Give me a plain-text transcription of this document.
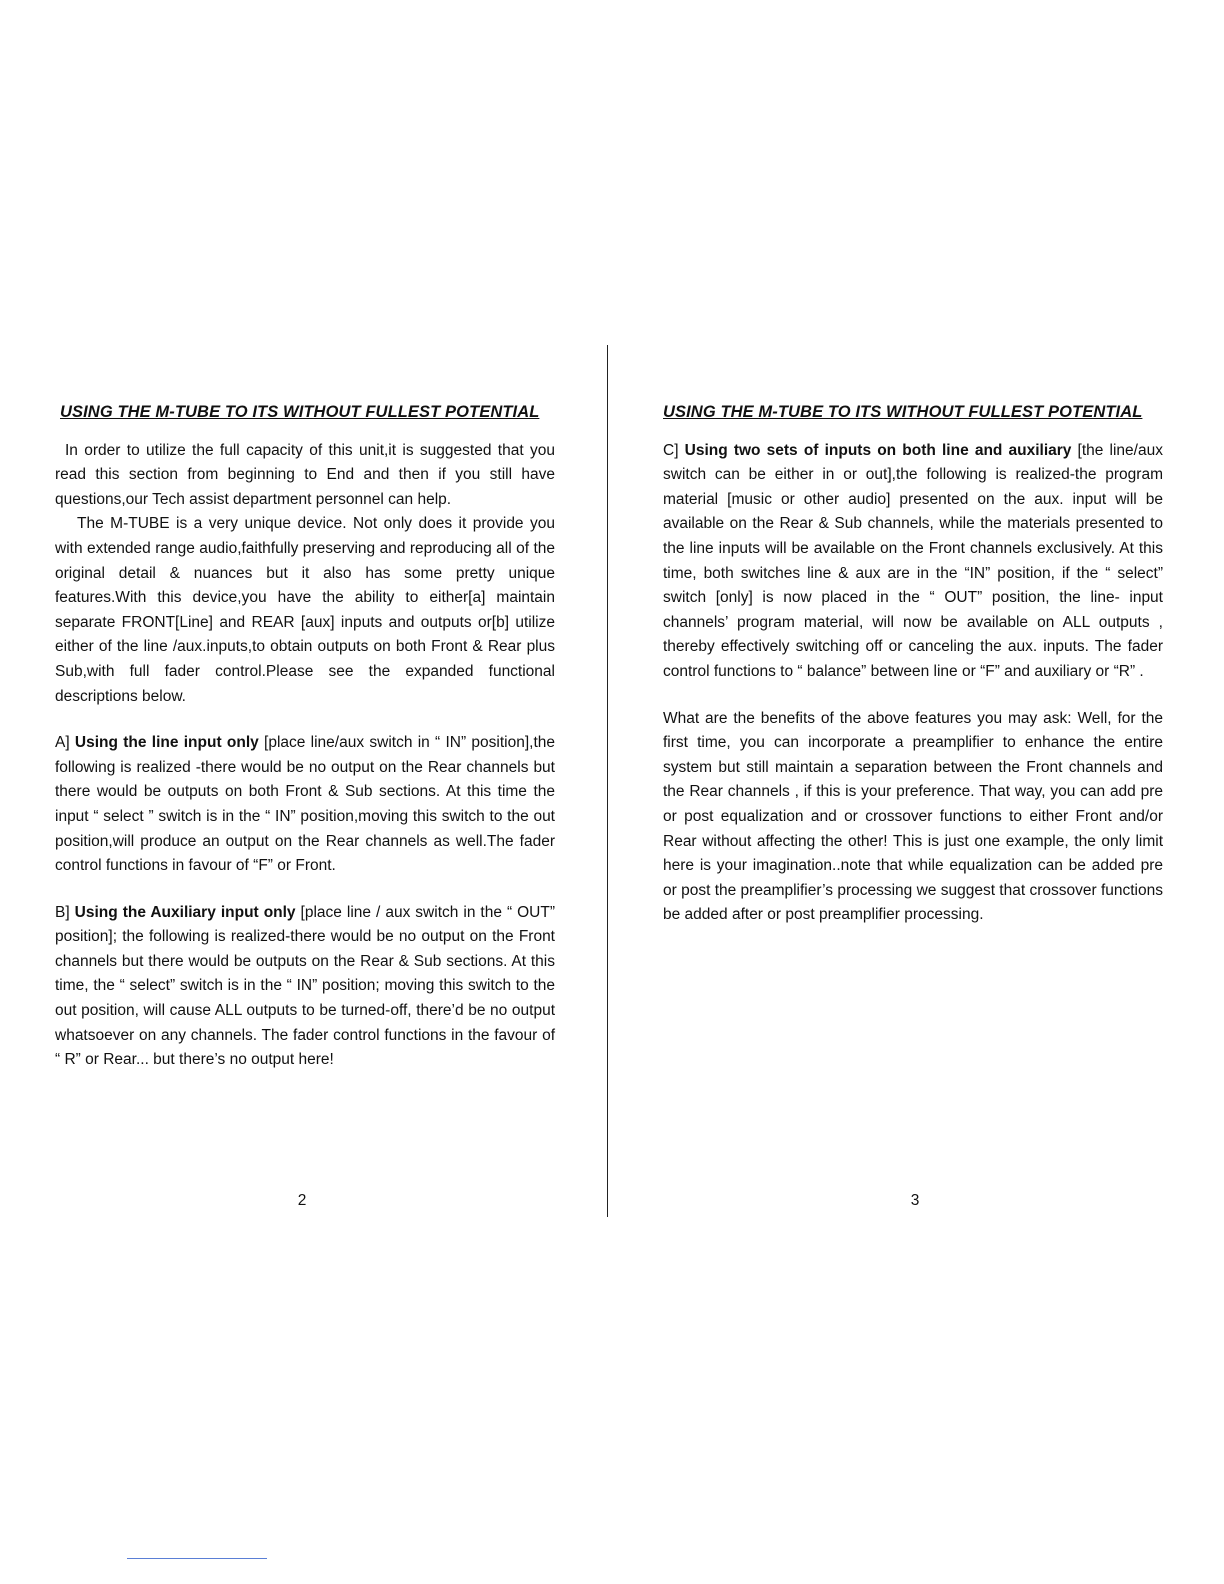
USING THE M-TUBE TO ITS WITHOUT FULLEST POTENTIAL

In order to utilize the full capacity of this unit,it is suggested that you read this section from beginning to End and then if you still have questions,our Tech assist department personnel can help.

The M-TUBE is a very unique device. Not only does it provide you with extended range audio,faithfully preserving and reproducing all of the original detail & nuances but it also has some pretty unique features.With this device,you have the ability to either[a] maintain separate FRONT[Line] and REAR [aux] inputs and outputs or[b] utilize either of the line /aux.inputs,to obtain outputs on both Front & Rear plus Sub,with full fader control.Please see the expanded functional descriptions below.

A] Using the line input only [place line/aux switch in “ IN” position],the following is realized -there would be no output on the Rear channels but there would be outputs on both Front & Sub sections. At this time the input “ select ” switch is in the “ IN” position,moving this switch to the out position,will produce an output on the Rear channels as well.The fader control functions in favour of “F” or Front.

B] Using the Auxiliary input only [place line / aux switch in the “ OUT” position]; the following is realized-there would be no output on the Front channels but there would be outputs on the Rear & Sub sections. At this time, the “ select” switch is in the “ IN” position; moving this switch to the out position, will cause ALL outputs to be turned-off, there’d be no output whatsoever on any channels. The fader control functions in the favour of “ R” or Rear... but there’s no output here!

USING THE M-TUBE TO ITS WITHOUT FULLEST POTENTIAL

C] Using two sets of inputs on both line and auxiliary [the line/aux switch can be either in or out],the following is realized-the program material [music or other audio] presented on the aux. input will be available on the Rear & Sub channels, while the materials presented to the line inputs will be available on the Front channels exclusively. At this time, both switches line & aux are in the “IN” position, if the “ select” switch [only] is now placed in the “ OUT” position, the line- input channels’ program material, will now be available on ALL outputs , thereby effectively switching off or canceling the aux. inputs. The fader control functions to “ balance” between line or “F” and auxiliary or “R” .

What are the benefits of the above features you may ask: Well, for the first time, you can incorporate a preamplifier to enhance the entire system but still maintain a separation between the Front channels and the Rear channels , if this is your preference. That way, you can add pre or post equalization and or crossover functions to either Front and/or Rear without affecting the other! This is just one example, the only limit here is your imagination..note that while equalization can be added pre or post the preamplifier’s processing we suggest that crossover functions be added after or post preamplifier processing.

2	3
